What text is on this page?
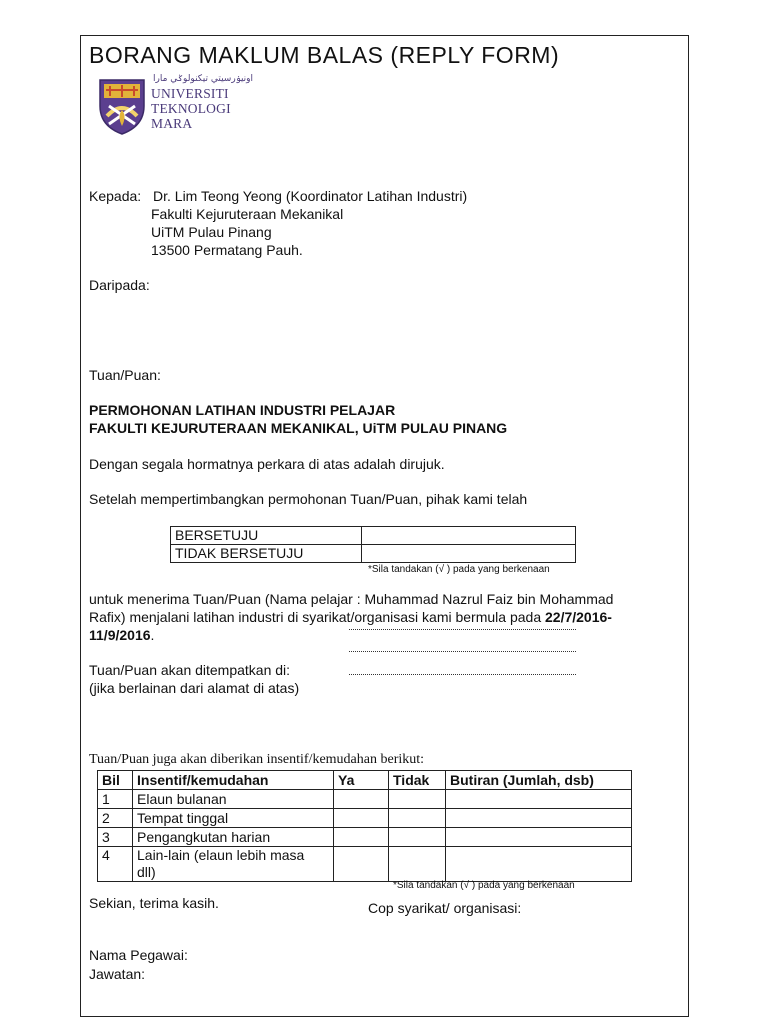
BORANG MAKLUM BALAS (REPLY FORM)
اونيۏرسيتي تيكنولوݢي مارا
UNIVERSITI
TEKNOLOGI
MARA
Kepada: Dr. Lim Teong Yeong (Koordinator Latihan Industri)
Fakulti Kejuruteraan Mekanikal
UiTM Pulau Pinang
13500 Permatang Pauh.
Daripada:
Tuan/Puan:
PERMOHONAN LATIHAN INDUSTRI PELAJAR
FAKULTI KEJURUTERAAN MEKANIKAL, UiTM PULAU PINANG
Dengan segala hormatnya perkara di atas adalah dirujuk.
Setelah mempertimbangkan permohonan Tuan/Puan, pihak kami telah
BERSETUJU	
TIDAK BERSETUJU	
*Sila tandakan (√ ) pada yang berkenaan
untuk menerima Tuan/Puan (Nama pelajar : Muhammad Nazrul Faiz bin Mohammad
Rafix) menjalani latihan industri di syarikat/organisasi kami bermula pada 22/7/2016-
11/9/2016.
Tuan/Puan akan ditempatkan di:
(jika berlainan dari alamat di atas)
Tuan/Puan juga akan diberikan insentif/kemudahan berikut:
Bil	Insentif/kemudahan	Ya	Tidak	Butiran (Jumlah, dsb)
1	Elaun bulanan			
2	Tempat tinggal			
3	Pengangkutan harian			
4	Lain-lain (elaun lebih masa
dll)			

*Sila tandakan (√ ) pada yang berkenaan
Sekian, terima kasih.	Cop syarikat/ organisasi:
Nama Pegawai:
Jawatan:
